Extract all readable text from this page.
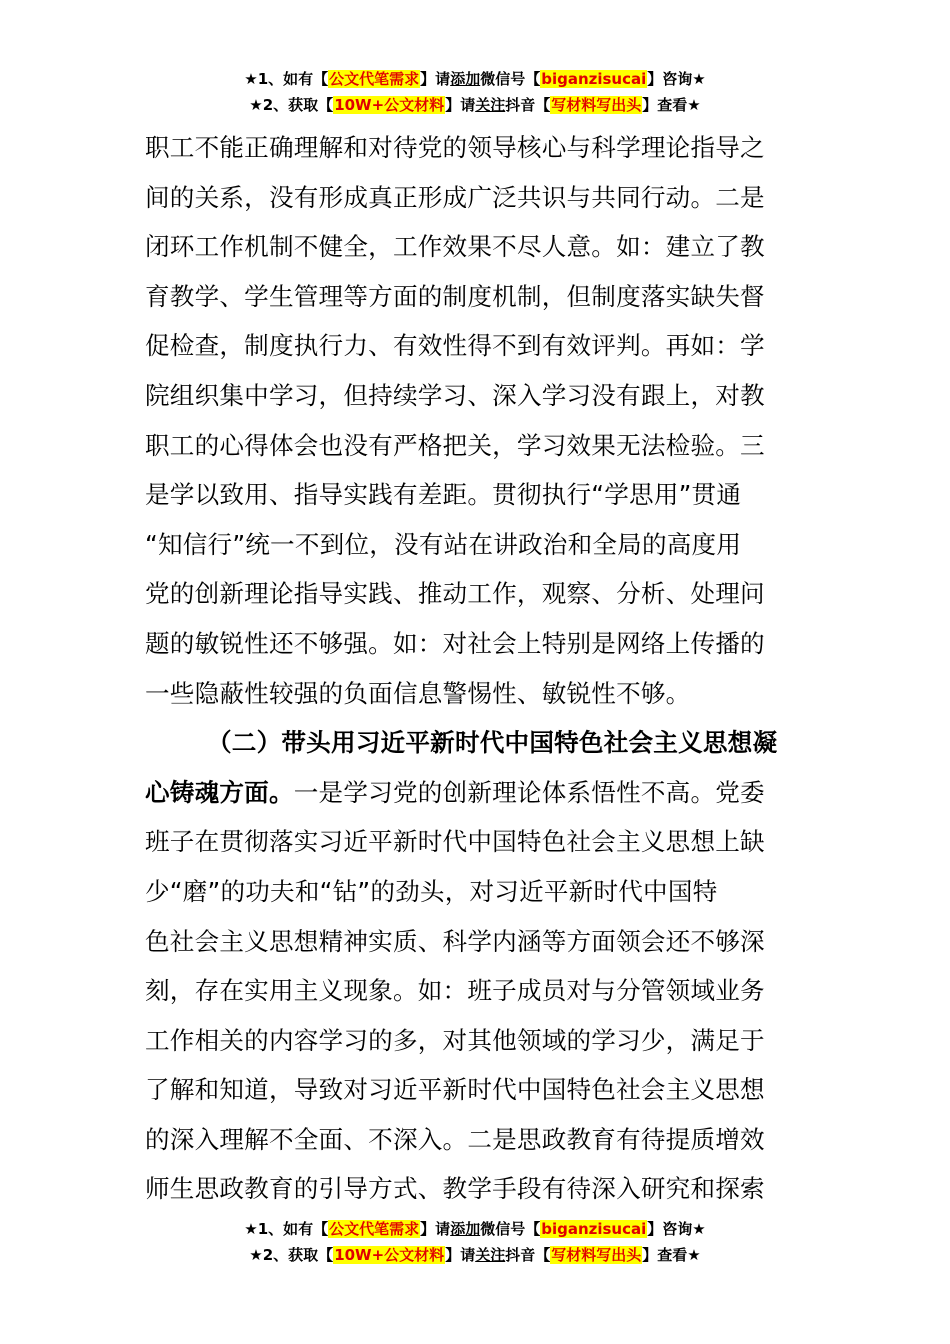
★1、如有【公文代笔需求】请添加微信号【biganzisucai】咨询★
★2、获取【10W+公文材料】请关注抖音【写材料写出头】查看★
职工不能正确理解和对待党的领导核心与科学理论指导之
间的关系，没有形成真正形成广泛共识与共同行动。二是
闭环工作机制不健全，工作效果不尽人意。如：建立了教
育教学、学生管理等方面的制度机制，但制度落实缺失督
促检查，制度执行力、有效性得不到有效评判。再如：学
院组织集中学习，但持续学习、深入学习没有跟上，对教
职工的心得体会也没有严格把关，学习效果无法检验。三
是学以致用、指导实践有差距。贯彻执行“学思用”贯通
“知信行”统一不到位，没有站在讲政治和全局的高度用
党的创新理论指导实践、推动工作，观察、分析、处理问
题的敏锐性还不够强。如：对社会上特别是网络上传播的
一些隐蔽性较强的负面信息警惕性、敏锐性不够。
（二）带头用习近平新时代中国特色社会主义思想凝
心铸魂方面。一是学习党的创新理论体系悟性不高。党委
班子在贯彻落实习近平新时代中国特色社会主义思想上缺
少“磨”的功夫和“钻”的劲头，对习近平新时代中国特
色社会主义思想精神实质、科学内涵等方面领会还不够深
刻，存在实用主义现象。如：班子成员对与分管领域业务
工作相关的内容学习的多，对其他领域的学习少，满足于
了解和知道，导致对习近平新时代中国特色社会主义思想
的深入理解不全面、不深入。二是思政教育有待提质增效
师生思政教育的引导方式、教学手段有待深入研究和探索
★1、如有【公文代笔需求】请添加微信号【biganzisucai】咨询★
★2、获取【10W+公文材料】请关注抖音【写材料写出头】查看★
